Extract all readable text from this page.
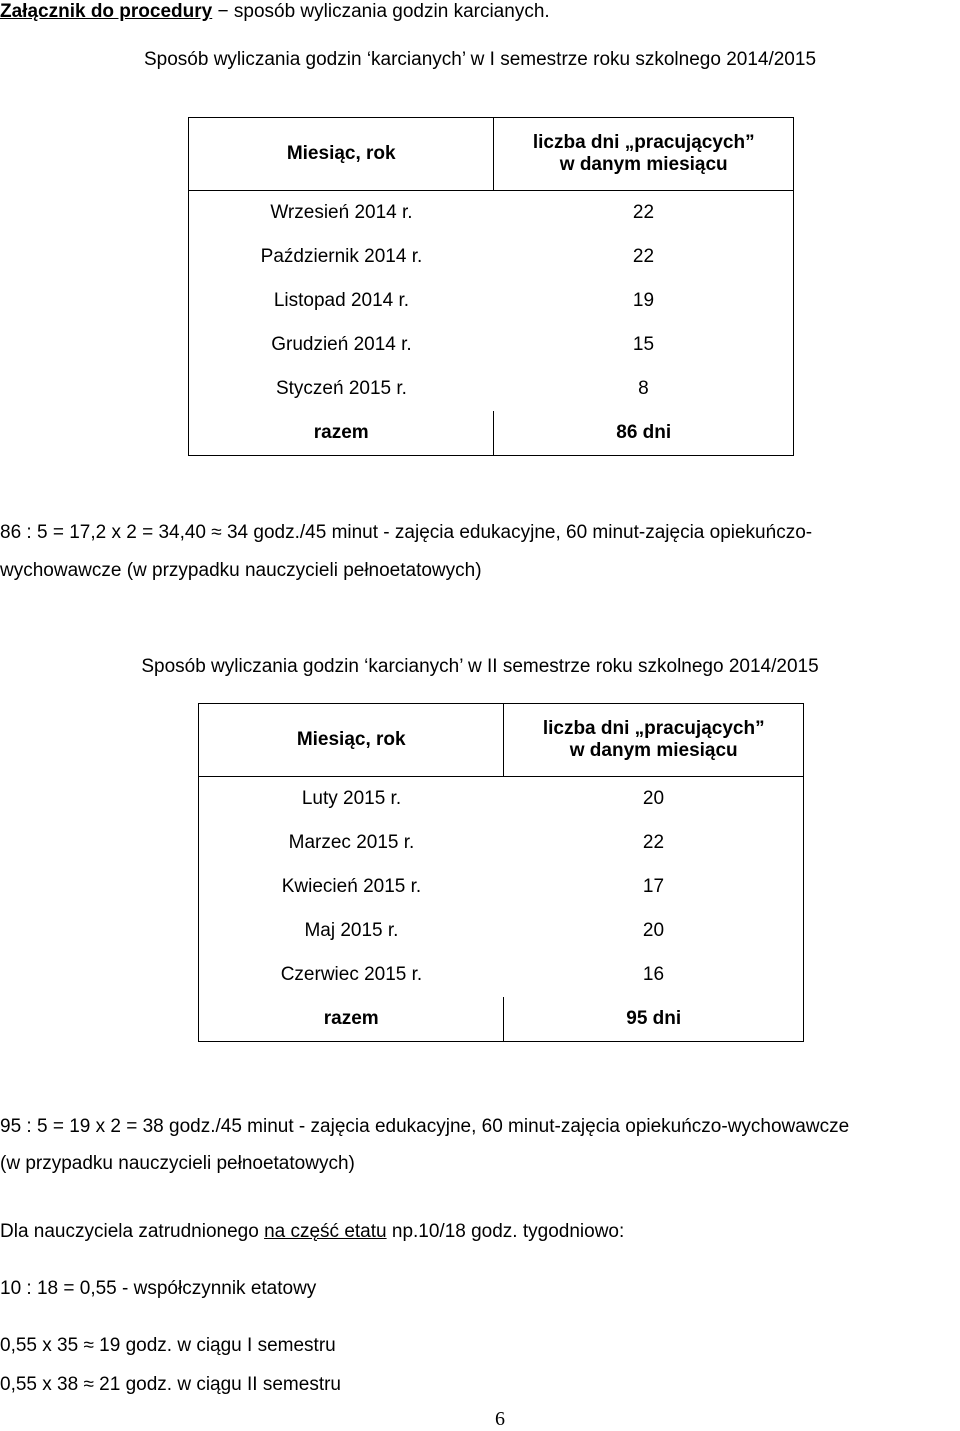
Załącznik do procedury − sposób wyliczania godzin karcianych.
Sposób wyliczania godzin ‘karcianych’ w I semestrze roku szkolnego 2014/2015
Miesiąc, rok	liczba dni „pracujących”
w danym miesiącu

Wrzesień 2014 r.	22
Październik 2014 r.	22
Listopad 2014 r.	19
Grudzień 2014 r.	15
Styczeń 2015 r.	8
razem	86 dni
86 : 5 = 17,2 x 2 = 34,40 ≈ 34 godz./45 minut - zajęcia edukacyjne, 60 minut-zajęcia opiekuńczo-
wychowawcze (w przypadku nauczycieli pełnoetatowych)
Sposób wyliczania godzin ‘karcianych’ w II semestrze roku szkolnego 2014/2015
Miesiąc, rok	liczba dni „pracujących”
w danym miesiącu

Luty 2015 r.	20
Marzec 2015 r.	22
Kwiecień 2015 r.	17
Maj 2015 r.	20
Czerwiec 2015 r.	16
razem	95 dni
95 : 5 = 19 x 2 = 38 godz./45 minut - zajęcia edukacyjne, 60 minut-zajęcia opiekuńczo-wychowawcze
(w przypadku nauczycieli pełnoetatowych)
Dla nauczyciela zatrudnionego na część etatu np.10/18 godz. tygodniowo:
10 : 18 = 0,55 - współczynnik etatowy
0,55 x 35 ≈ 19 godz. w ciągu I semestru
0,55 x 38 ≈ 21 godz. w ciągu II semestru
6
